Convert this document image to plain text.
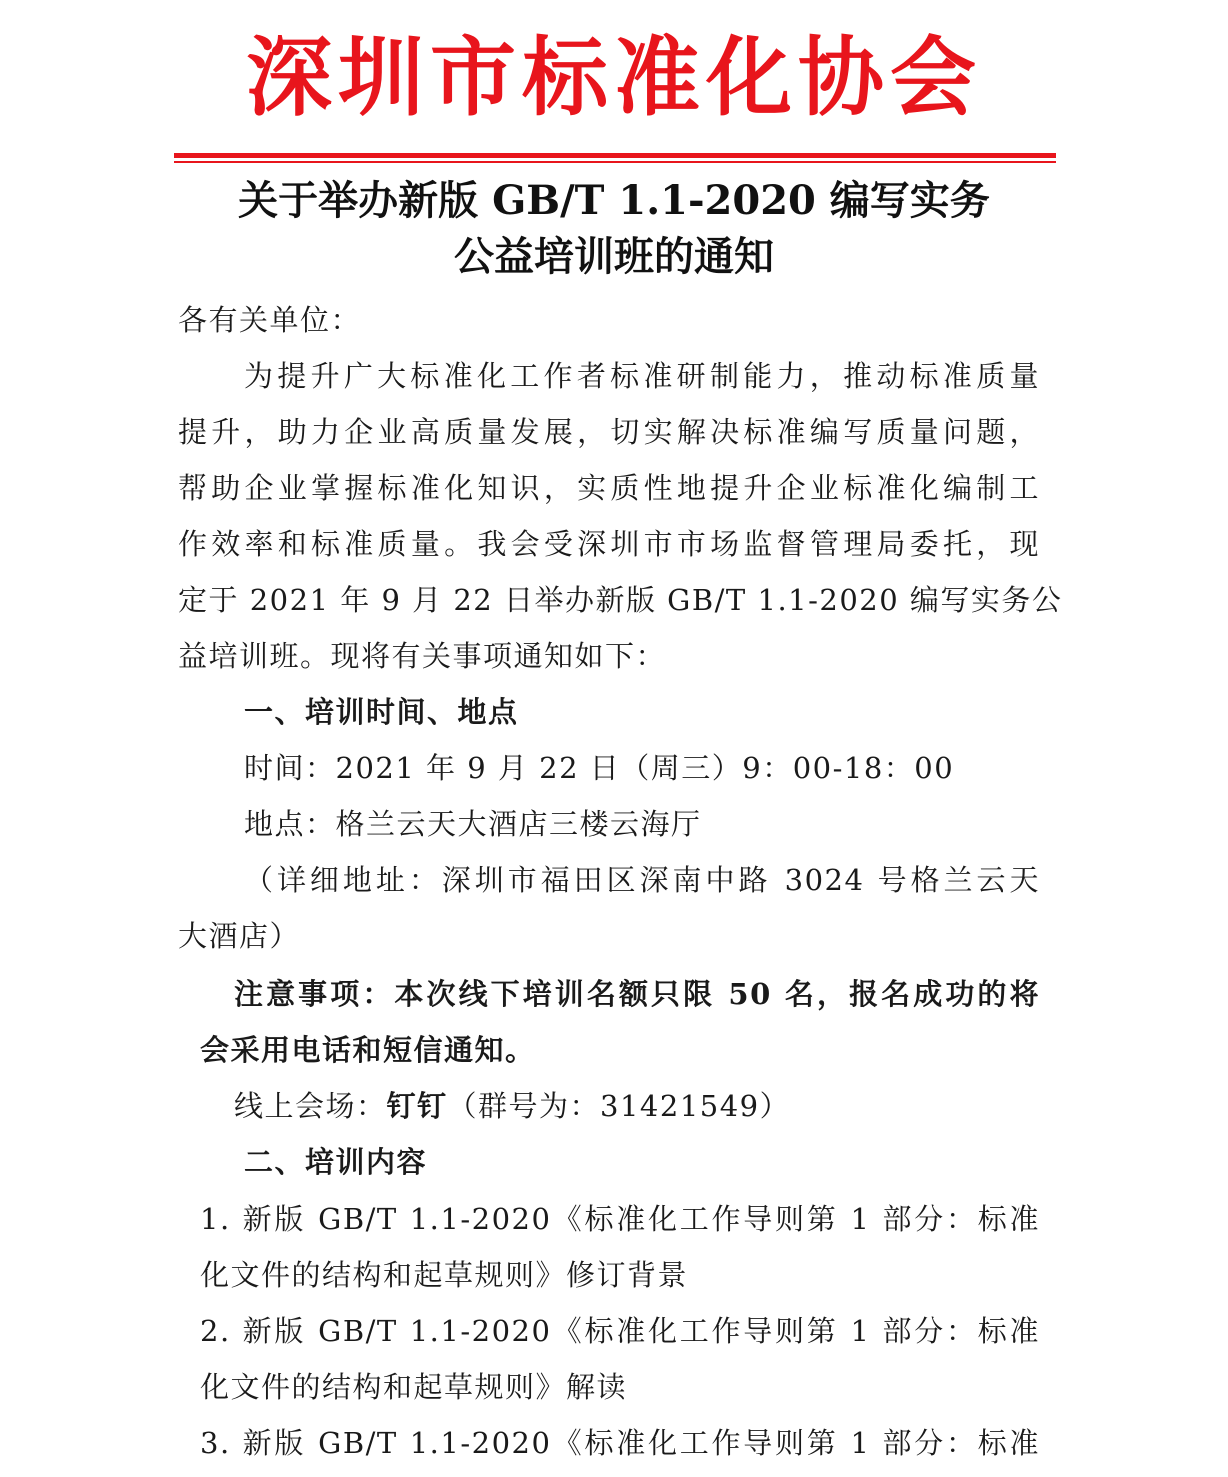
深圳市标准化协会
关于举办新版 GB/T 1.1-2020 编写实务
公益培训班的通知
各有关单位：
为提升广大标准化工作者标准研制能力，推动标准质量
提升，助力企业高质量发展，切实解决标准编写质量问题，
帮助企业掌握标准化知识，实质性地提升企业标准化编制工
作效率和标准质量。我会受深圳市市场监督管理局委托，现
定于 2021 年 9 月 22 日举办新版 GB/T 1.1-2020 编写实务公
益培训班。现将有关事项通知如下：
一、培训时间、地点
时间：2021 年 9 月 22 日（周三）9：00-18：00
地点：格兰云天大酒店三楼云海厅
（详细地址：深圳市福田区深南中路 3024 号格兰云天
大酒店）
注意事项：本次线下培训名额只限 50 名，报名成功的将
会采用电话和短信通知。
线上会场：钉钉（群号为：31421549）
二、培训内容
1. 新版 GB/T 1.1-2020《标准化工作导则第 1 部分：标准
化文件的结构和起草规则》修订背景
2. 新版 GB/T 1.1-2020《标准化工作导则第 1 部分：标准
化文件的结构和起草规则》解读
3. 新版 GB/T 1.1-2020《标准化工作导则第 1 部分：标准
